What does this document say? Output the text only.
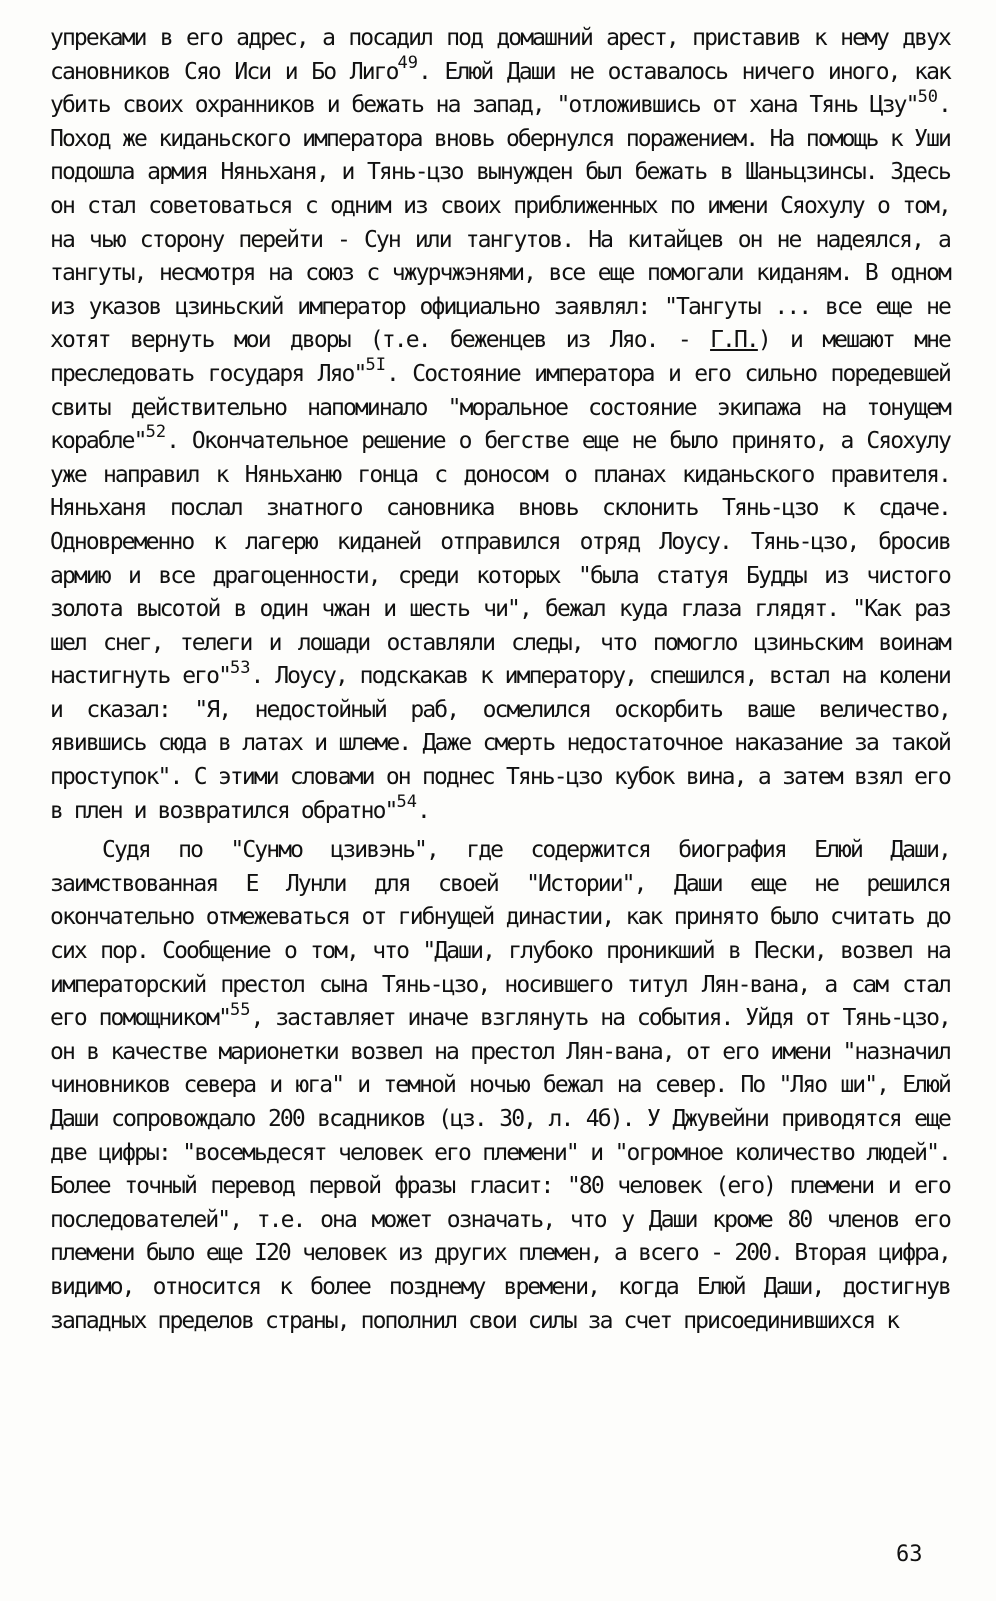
упреками в его адрес, а посадил под домашний арест, приставив к нему двух сановников Сяо Иси и Бо Лиго$^{49}$. Елюй Даши не оставалось ничего иного, как убить своих охранников и бежать на запад, "отложившись от хана Тянь Цзу"$^{50}$. Поход же киданьского императора вновь обернулся поражением. На помощь к Уши подошла армия Няньханя, и Тянь-цзо вынужден был бежать в Шаньцзинсы. Здесь он стал советоваться с одним из своих приближенных по имени Сяохулу о том, на чью сторону перейти - Сун или тангутов. На китайцев он не надеялся, а тангуты, несмотря на союз с чжурчжэнями, все еще помогали киданям. В одном из указов цзиньский император официально заявлял: "Тангуты ... все еще не хотят вернуть мои дворы (т.е. беженцев из Ляо. - Г.П.) и мешают мне преследовать государя Ляо"$^{5I}$. Состояние императора и его сильно поредевшей свиты действительно напоминало "моральное состояние экипажа на тонущем корабле"$^{52}$. Окончательное решение о бегстве еще не было принято, а Сяохулу уже направил к Няньханю гонца с доносом о планах киданьского правителя. Няньханя послал знатного сановника вновь склонить Тянь-цзо к сдаче. Одновременно к лагерю киданей отправился отряд Лоусу. Тянь-цзо, бросив армию и все драгоценности, среди которых "была статуя Будды из чистого золота высотой в один чжан и шесть чи", бежал куда глаза глядят. "Как раз шел снег, телеги и лошади оставляли следы, что помогло цзиньским воинам настигнуть его"$^{53}$. Лоусу, подскакав к императору, спешился, встал на колени и сказал: "Я, недостойный раб, осмелился оскорбить ваше величество, явившись сюда в латах и шлеме. Даже смерть недостаточное наказание за такой проступок". С этими словами он поднес Тянь-цзо кубок вина, а затем взял его в плен и возвратился обратно"$^{54}$.

Судя по "Сунмо цзивэнь", где содержится биография Елюй Даши, заимствованная Е Лунли для своей "Истории", Даши еще не решился окончательно отмежеваться от гибнущей династии, как принято было считать до сих пор. Сообщение о том, что "Даши, глубоко проникший в Пески, возвел на императорский престол сына Тянь-цзо, носившего титул Лян-вана, а сам стал его помощником"$^{55}$, заставляет иначе взглянуть на события. Уйдя от Тянь-цзо, он в качестве марионетки возвел на престол Лян-вана, от его имени "назначил чиновников севера и юга" и темной ночью бежал на север. По "Ляо ши", Елюй Даши сопровождало 200 всадников (цз. 30, л. 4б). У Джувейни приводятся еще две цифры: "восемьдесят человек его племени" и "огромное количество людей". Более точный перевод первой фразы гласит: "80 человек (его) племени и его последователей", т.е. она может означать, что у Даши кроме 80 членов его племени было еще I20 человек из других племен, а всего - 200. Вторая цифра, видимо, относится к более позднему времени, когда Елюй Даши, достигнув западных пределов страны, пополнил свои силы за счет присоединившихся к

63
